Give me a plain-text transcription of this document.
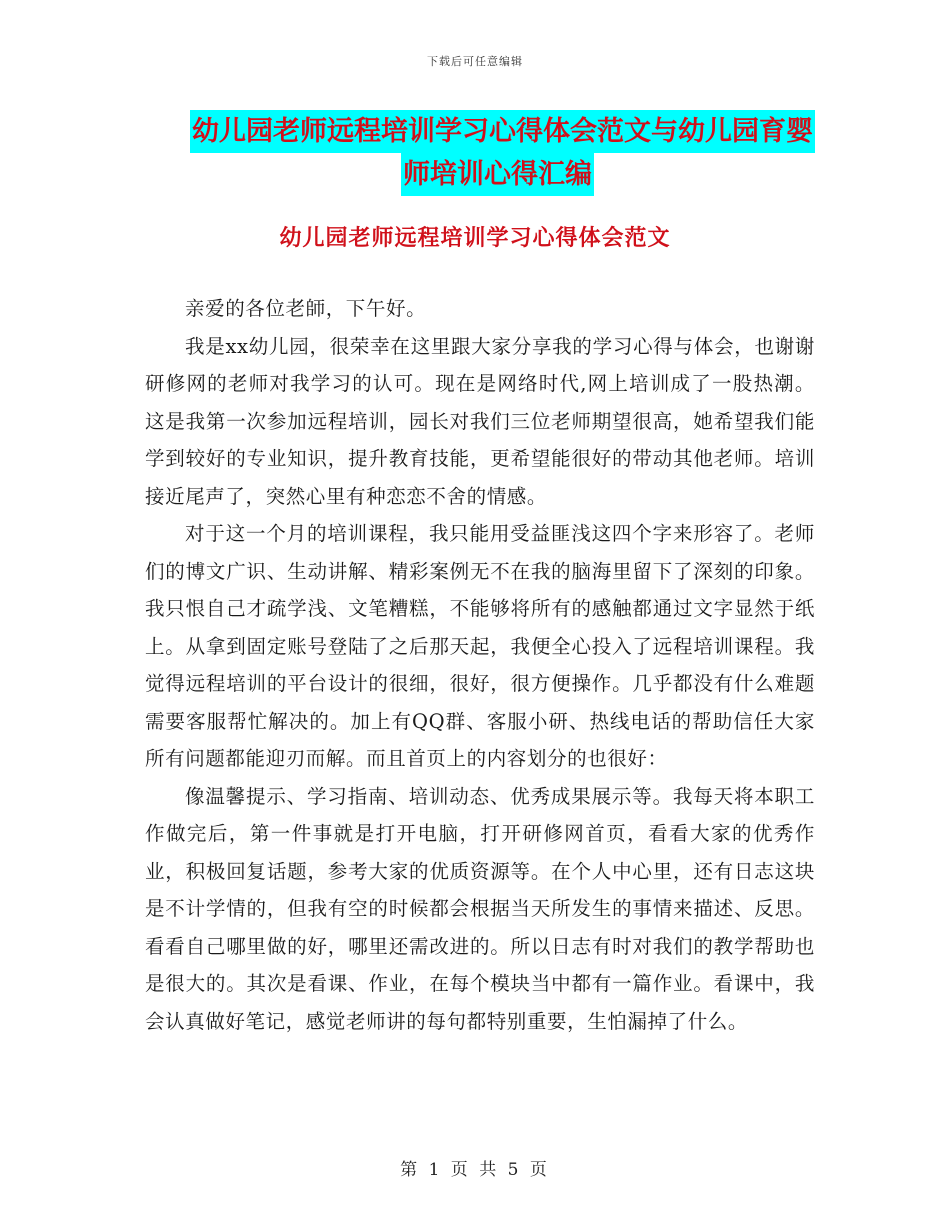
下载后可任意编辑
幼儿园老师远程培训学习心得体会范文与幼儿园育婴
师培训心得汇编
幼儿园老师远程培训学习心得体会范文

亲爱的各位老師，下午好。

我是xx幼儿园，很荣幸在这里跟大家分享我的学习心得与体会，也谢谢研修网的老师对我学习的认可。现在是网络时代,网上培训成了一股热潮。这是我第一次参加远程培训，园长对我们三位老师期望很高，她希望我们能学到较好的专业知识，提升教育技能，更希望能很好的带动其他老师。培训接近尾声了，突然心里有种恋恋不舍的情感。

对于这一个月的培训课程，我只能用受益匪浅这四个字来形容了。老师们的博文广识、生动讲解、精彩案例无不在我的脑海里留下了深刻的印象。我只恨自己才疏学浅、文笔糟糕，不能够将所有的感触都通过文字显然于纸上。从拿到固定账号登陆了之后那天起，我便全心投入了远程培训课程。我觉得远程培训的平台设计的很细，很好，很方便操作。几乎都没有什么难题需要客服帮忙解决的。加上有QQ群、客服小研、热线电话的帮助信任大家所有问题都能迎刃而解。而且首页上的内容划分的也很好：

像温馨提示、学习指南、培训动态、优秀成果展示等。我每天将本职工作做完后，第一件事就是打开电脑，打开研修网首页，看看大家的优秀作业，积极回复话题，参考大家的优质资源等。在个人中心里，还有日志这块是不计学情的，但我有空的时候都会根据当天所发生的事情来描述、反思。看看自己哪里做的好，哪里还需改进的。所以日志有时对我们的教学帮助也是很大的。其次是看课、作业，在每个模块当中都有一篇作业。看课中，我会认真做好笔记，感觉老师讲的每句都特别重要，生怕漏掉了什么。

第 1 页 共 5 页
